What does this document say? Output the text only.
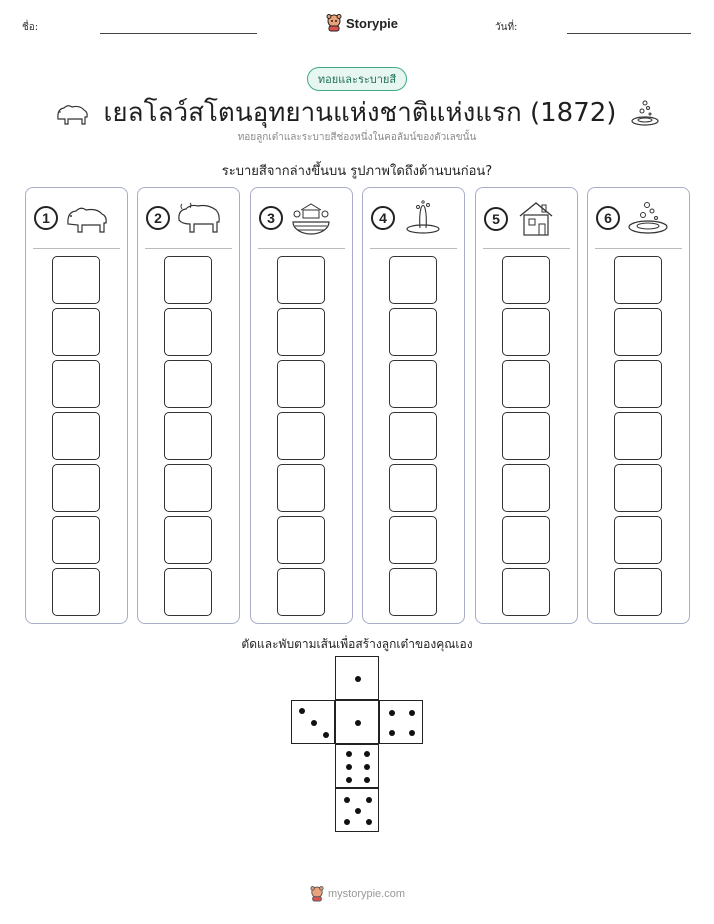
ชื่อ:	Storypie	วันที่:
ทอยและระบายสี
เยลโลว์สโตนอุทยานแห่งชาติแห่งแรก (1872)
ทอยลูกเต๋าและระบายสีช่องหนึ่งในคอลัมน์ของตัวเลขนั้น
ระบายสีจากล่างขึ้นบน รูปภาพใดถึงด้านบนก่อน?
1	2	3	4	5	6
ตัดและพับตามเส้นเพื่อสร้างลูกเต๋าของคุณเอง
mystorypie.com
